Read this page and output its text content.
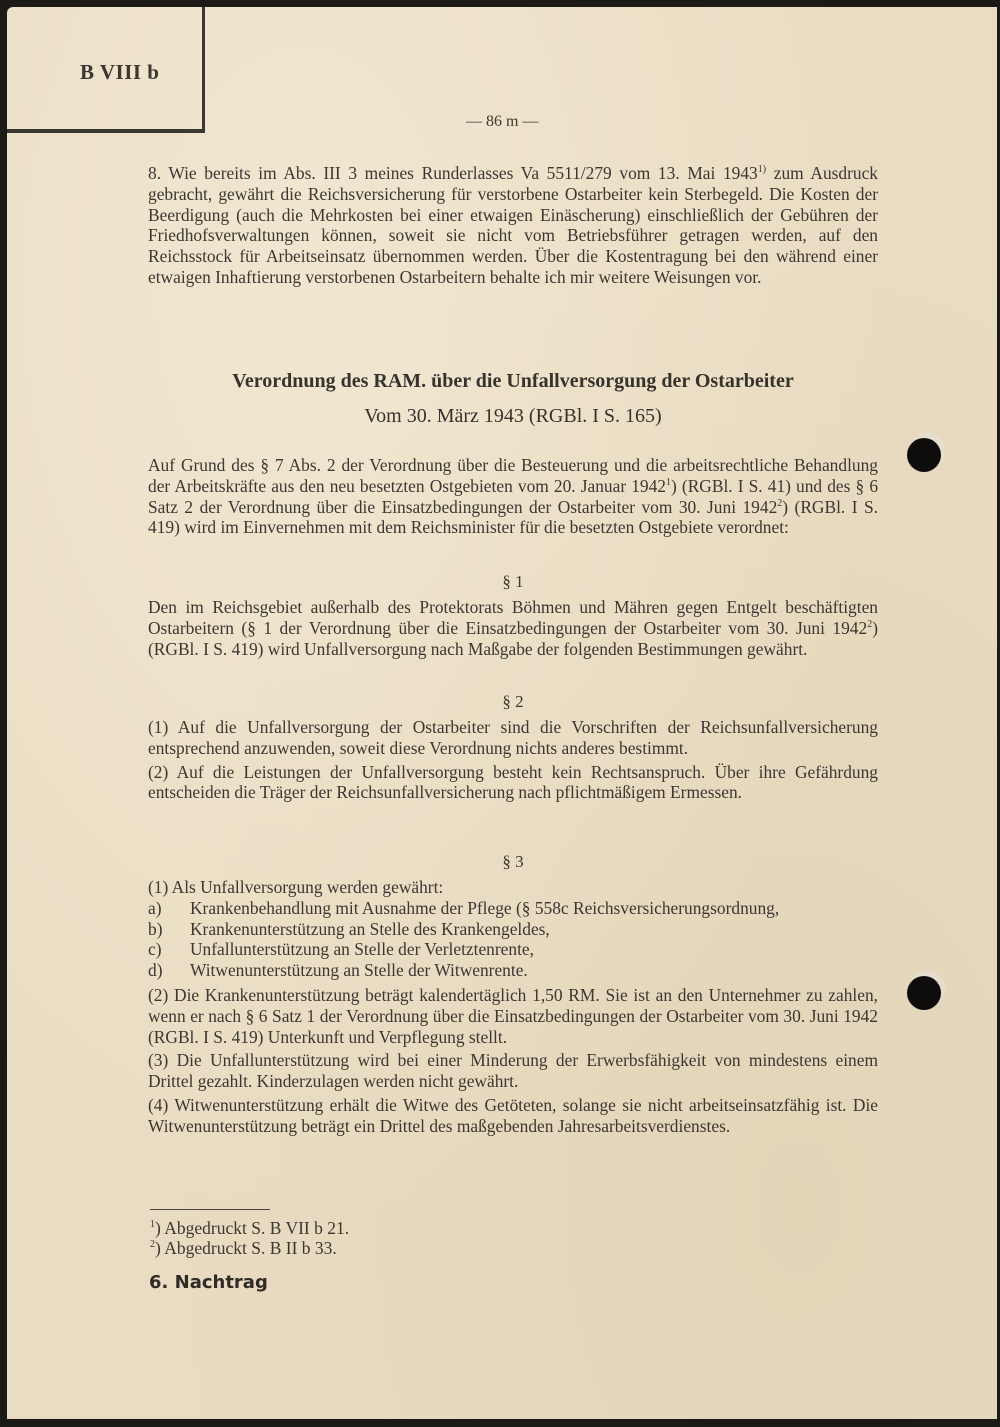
B VIII b
— 86 m —

8. Wie bereits im Abs. III 3 meines Runderlasses Va 5511/279 vom 13. Mai 1943$^{1)}$ zum Ausdruck gebracht, gewährt die Reichsversicherung für verstorbene Ostarbeiter kein Sterbegeld. Die Kosten der Beerdigung (auch die Mehrkosten bei einer etwaigen Einäscherung) einschließlich der Gebühren der Friedhofsverwaltungen können, soweit sie nicht vom Betriebsführer getragen werden, auf den Reichsstock für Arbeitseinsatz übernommen werden. Über die Kostentragung bei den während einer etwaigen Inhaftierung verstorbenen Ostarbeitern behalte ich mir weitere Weisungen vor.

Verordnung des RAM. über die Unfallversorgung der Ostarbeiter
Vom 30. März 1943 (RGBl. I S. 165)

Auf Grund des § 7 Abs. 2 der Verordnung über die Besteuerung und die arbeitsrechtliche Behandlung der Arbeitskräfte aus den neu besetzten Ostgebieten vom 20. Januar 1942$^1$) (RGBl. I S. 41) und des § 6 Satz 2 der Verordnung über die Einsatzbedingungen der Ostarbeiter vom 30. Juni 1942$^2$) (RGBl. I S. 419) wird im Einvernehmen mit dem Reichsminister für die besetzten Ostgebiete verordnet:

§ 1

Den im Reichsgebiet außerhalb des Protektorats Böhmen und Mähren gegen Entgelt beschäftigten Ostarbeitern (§ 1 der Verordnung über die Einsatzbedingungen der Ostarbeiter vom 30. Juni 1942$^2$) (RGBl. I S. 419) wird Unfallversorgung nach Maßgabe der folgenden Bestimmungen gewährt.

§ 2

(1) Auf die Unfallversorgung der Ostarbeiter sind die Vorschriften der Reichsunfallversicherung entsprechend anzuwenden, soweit diese Verordnung nichts anderes bestimmt.

(2) Auf die Leistungen der Unfallversorgung besteht kein Rechtsanspruch. Über ihre Gefährdung entscheiden die Träger der Reichsunfallversicherung nach pflichtmäßigem Ermessen.

§ 3

(1) Als Unfallversorgung werden gewährt:

a)	Krankenbehandlung mit Ausnahme der Pflege (§ 558c Reichsversicherungsordnung,
b)	Krankenunterstützung an Stelle des Krankengeldes,
c)	Unfallunterstützung an Stelle der Verletztenrente,
d)	Witwenunterstützung an Stelle der Witwenrente.

(2) Die Krankenunterstützung beträgt kalendertäglich 1,50 RM. Sie ist an den Unternehmer zu zahlen, wenn er nach § 6 Satz 1 der Verordnung über die Einsatzbedingungen der Ostarbeiter vom 30. Juni 1942 (RGBl. I S. 419) Unterkunft und Verpflegung stellt.

(3) Die Unfallunterstützung wird bei einer Minderung der Erwerbsfähigkeit von mindestens einem Drittel gezahlt. Kinderzulagen werden nicht gewährt.

(4) Witwenunterstützung erhält die Witwe des Getöteten, solange sie nicht arbeitseinsatzfähig ist. Die Witwenunterstützung beträgt ein Drittel des maßgebenden Jahresarbeitsverdienstes.

$^1$) Abgedruckt S. B VII b 21.
$^2$) Abgedruckt S. B II b 33.
6. Nachtrag
